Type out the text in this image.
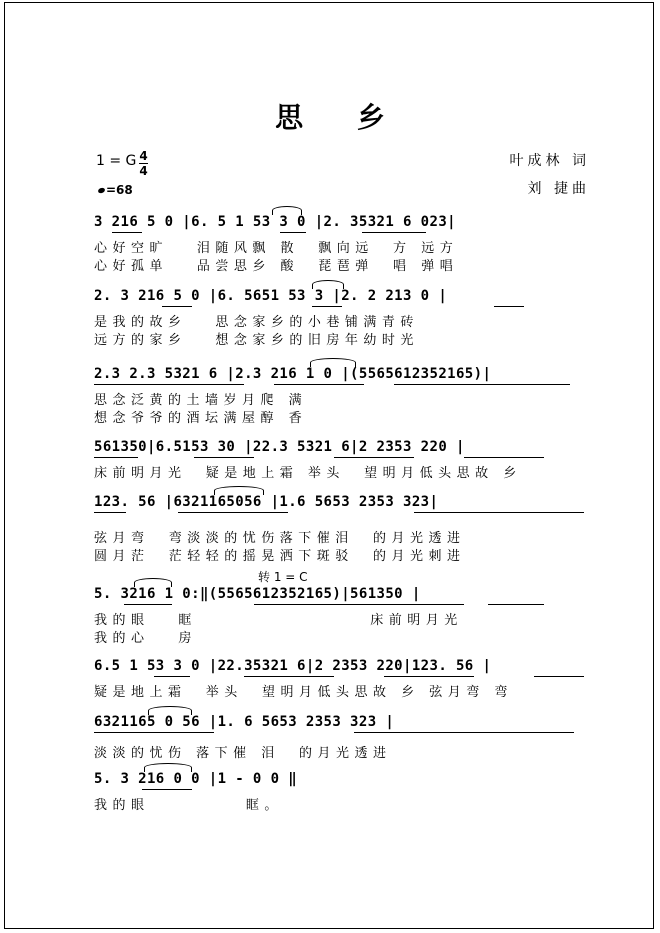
思 乡
1 = G 4
4
=68
叶成林 词
刘 捷曲
3 216 5 0 |6. 5 1 53 3 0 |2. 35321 6 023|
心好空旷   泪随风飘 散  飘向远  方 远方
心好孤单   品尝思乡 酸  琵琶弹  唱 弹唱
2. 3 216 5 0 |6. 5651 53 3 |2. 2 213 0 |
是我的故乡   思念家乡的小巷铺满青砖
远方的家乡   想念家乡的旧房年幼时光
2.3 2.3 5321 6 |2.3 216 1 0 |(5565612352165)|
思念泛黄的土墙岁月爬 满
想念爷爷的酒坛满屋醇 香
561350|6.5153 30 |22.3 5321 6|2 2353 220 |
床前明月光  疑是地上霜 举头  望明月低头思故 乡
123. 56 |6321165056 |1.6 5653 2353 323|
弦月弯  弯淡淡的忧伤落下催泪  的月光透进
圆月茫  茫轻轻的摇晃洒下斑驳  的月光刺进
转 1 = C
5. 3216 1 0:‖(5565612352165)|561350 |
我的眼   眶                  床前明月光
我的心   房
6.5 1 53 3 0 |22.35321 6|2 2353 220|123. 56 |
疑是地上霜  举头  望明月低头思故 乡 弦月弯 弯
6321165 0 56 |1. 6 5653 2353 323 |
淡淡的忧伤 落下催 泪  的月光透进
5. 3 216 0 0 |1 - 0 0 ‖
我的眼          眶。
